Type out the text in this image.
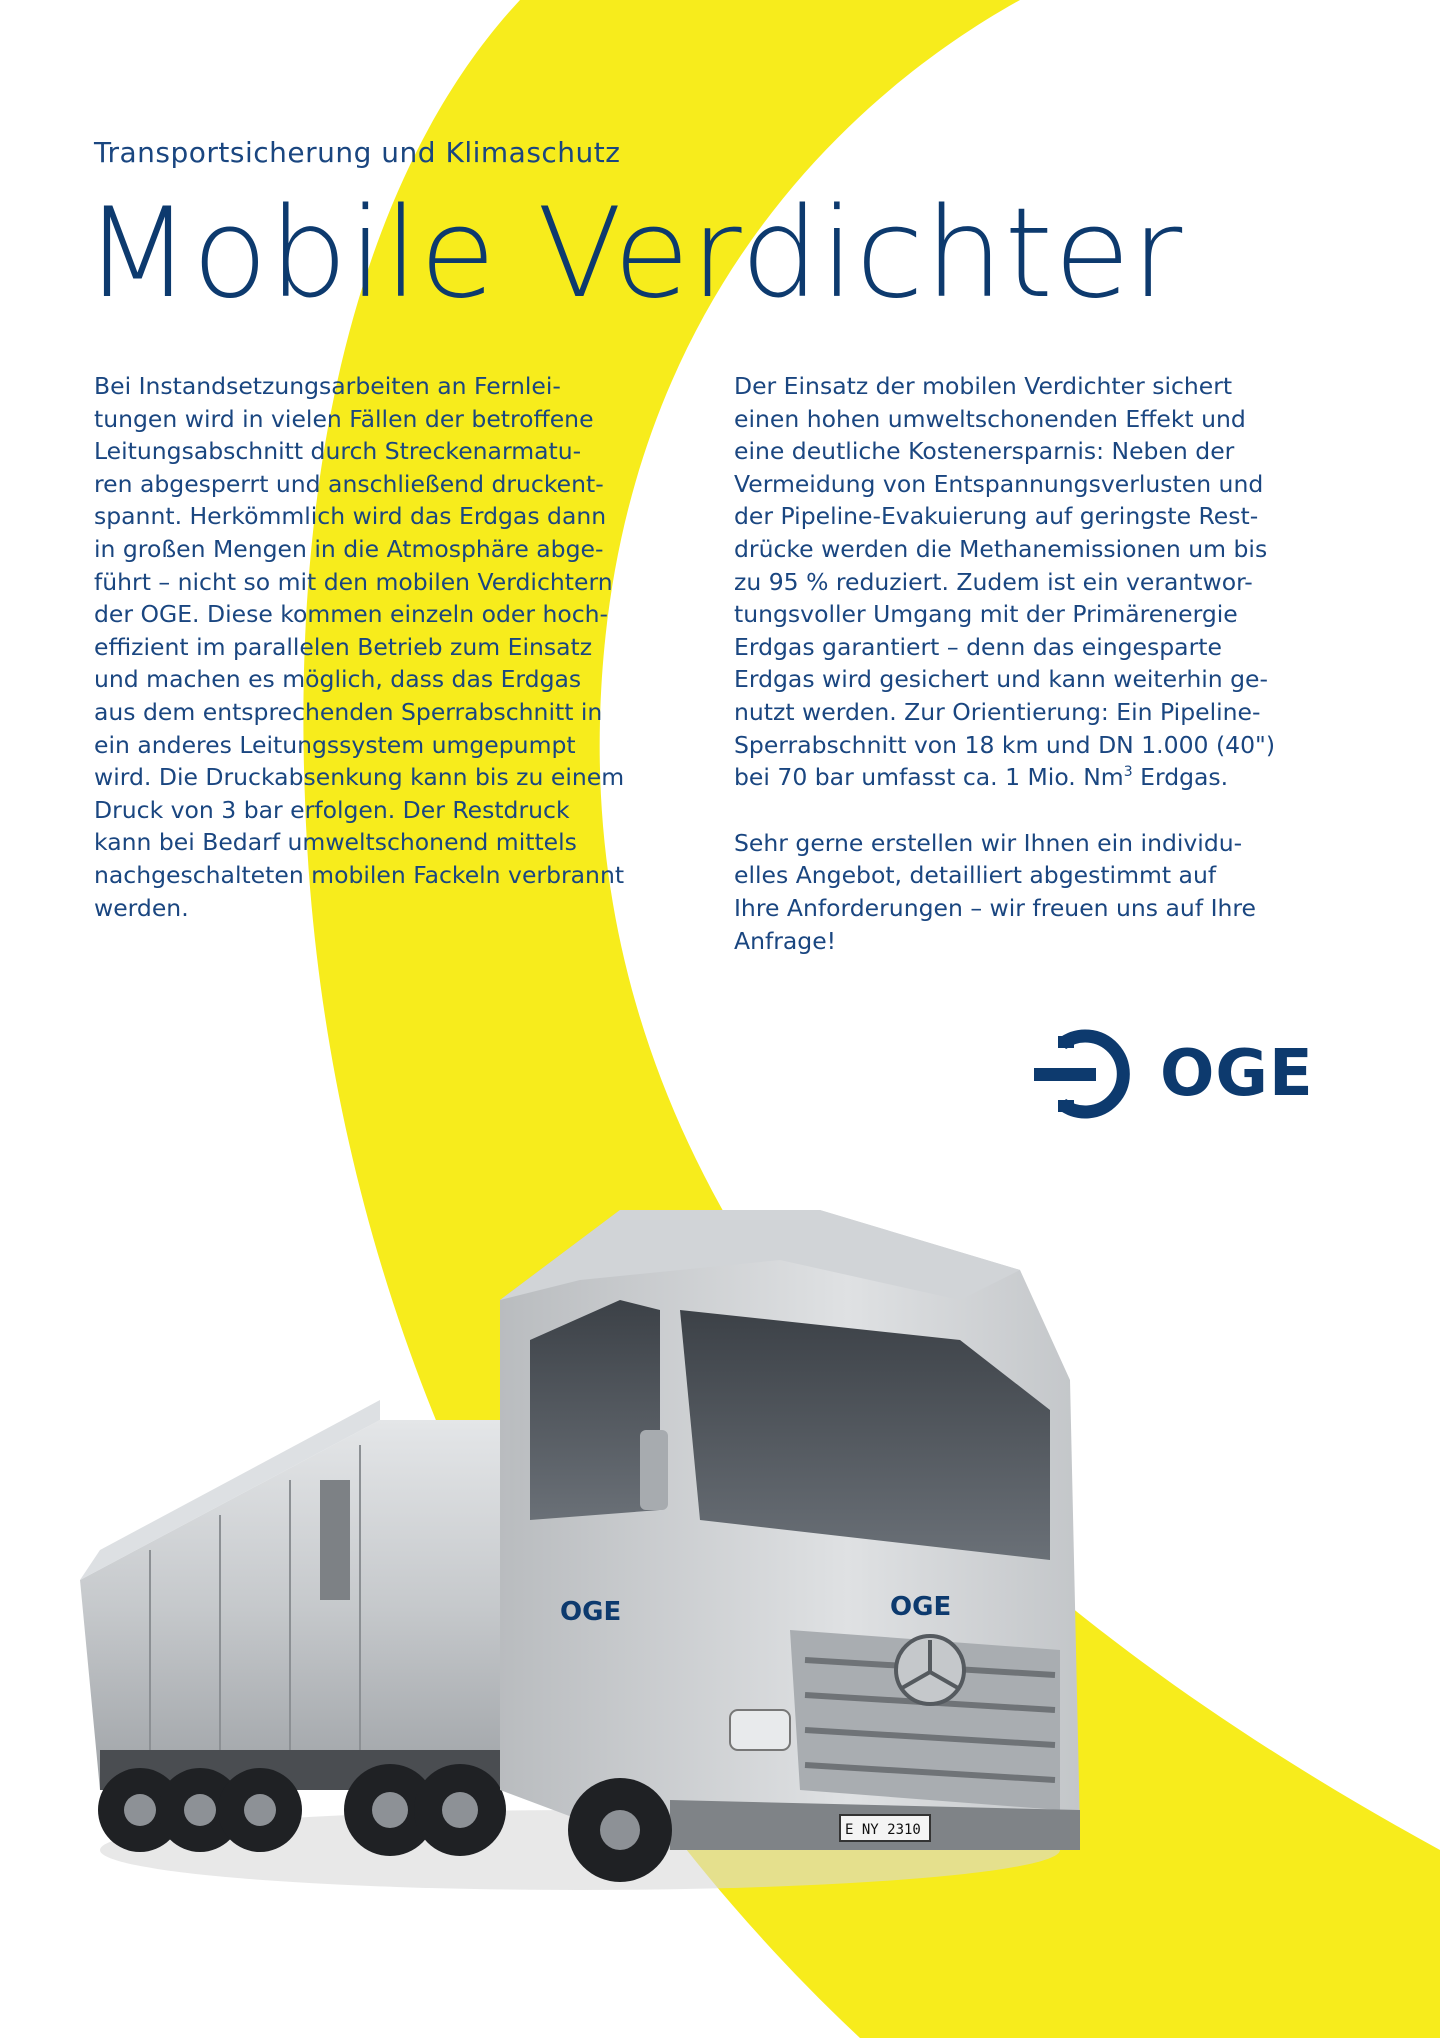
Transportsicherung und Klimaschutz
Mobile Verdichter

Bei Instandsetzungsarbeiten an Fernlei-
tungen wird in vielen Fällen der betroffene
Leitungsabschnitt durch Streckenarmatu-
ren abgesperrt und anschließend druckent-
spannt. Herkömmlich wird das Erdgas dann
in großen Mengen in die Atmosphäre abge-
führt – nicht so mit den mobilen Verdichtern
der OGE. Diese kommen einzeln oder hoch-
effizient im parallelen Betrieb zum Einsatz
und machen es möglich, dass das Erdgas
aus dem entsprechenden Sperrabschnitt in
ein anderes Leitungssystem umgepumpt
wird. Die Druckabsenkung kann bis zu einem
Druck von 3 bar erfolgen. Der Restdruck
kann bei Bedarf umweltschonend mittels
nachgeschalteten mobilen Fackeln verbrannt
werden.

Der Einsatz der mobilen Verdichter sichert
einen hohen umweltschonenden Effekt und
eine deutliche Kostenersparnis: Neben der
Vermeidung von Entspannungsverlusten und
der Pipeline-Evakuierung auf geringste Rest-
drücke werden die Methanemissionen um bis
zu 95 % reduziert. Zudem ist ein verantwor-
tungsvoller Umgang mit der Primärenergie
Erdgas garantiert – denn das eingesparte
Erdgas wird gesichert und kann weiterhin ge-
nutzt werden. Zur Orientierung: Ein Pipeline-
Sperrabschnitt von 18 km und DN 1.000 (40")
bei 70 bar umfasst ca. 1 Mio. Nm$^3$ Erdgas.

Sehr gerne erstellen wir Ihnen ein individu-
elles Angebot, detailliert abgestimmt auf
Ihre Anforderungen – wir freuen uns auf Ihre
Anfrage!

OGE
OGE	OGE
E NY 2310
